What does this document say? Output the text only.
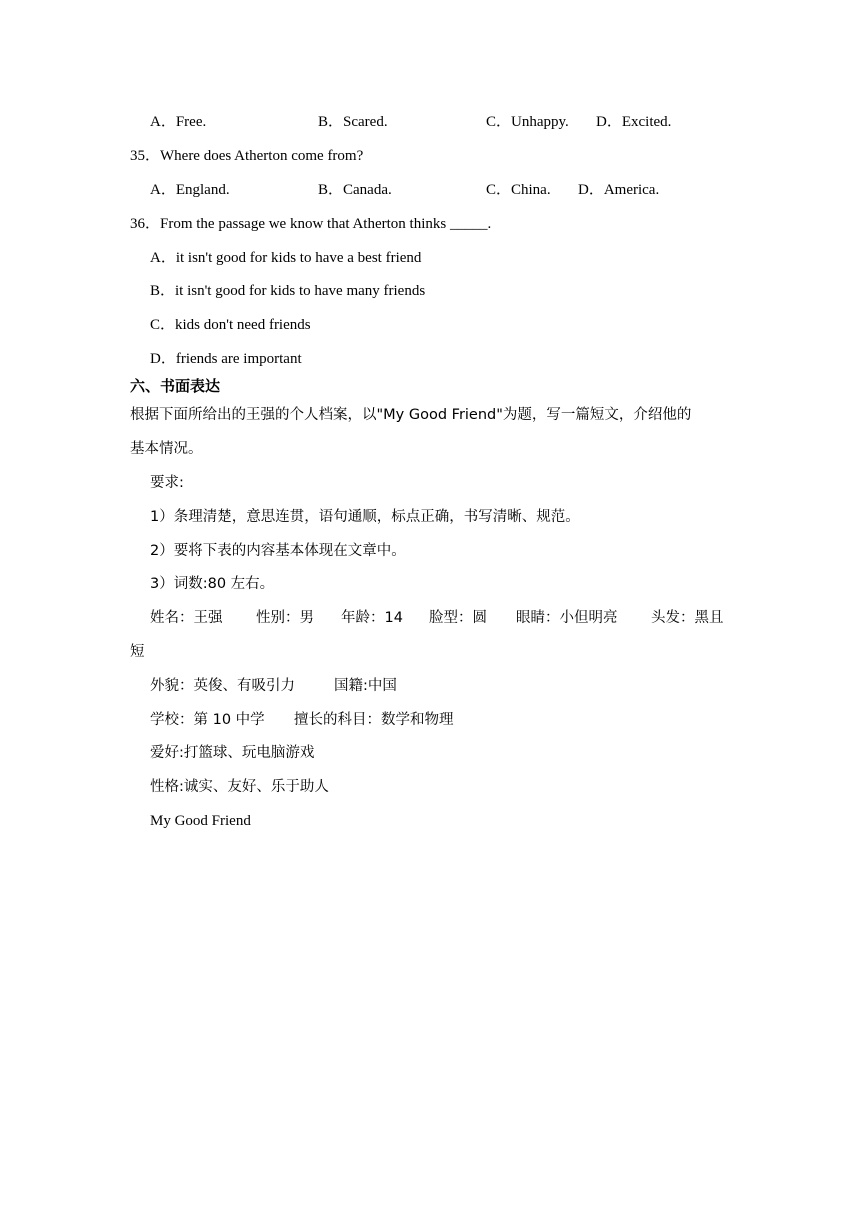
A．Free.	B．Scared.	C．Unhappy. D．Excited.
35．Where does Atherton come from?
A．England.	B．Canada.	C．China. D．America.
36．From the passage we know that Atherton thinks _____.
A．it isn't good for kids to have a best friend
B．it isn't good for kids to have many friends
C．kids don't need friends
D．friends are important
六、书面表达
根据下面所给出的王强的个人档案，以"My Good Friend"为题，写一篇短文，介绍他的
基本情况。
要求:
1）条理清楚，意思连贯，语句通顺，标点正确，书写清晰、规范。
2）要将下表的内容基本体现在文章中。
3）词数:80 左右。
姓名：王强 性别：男 年龄：14 脸型：圆 眼睛：小但明亮 头发：黑且
短
外貌：英俊、有吸引力	国籍:中国
学校：第 10 中学 擅长的科目：数学和物理
爱好:打篮球、玩电脑游戏
性格:诚实、友好、乐于助人
My Good Friend
